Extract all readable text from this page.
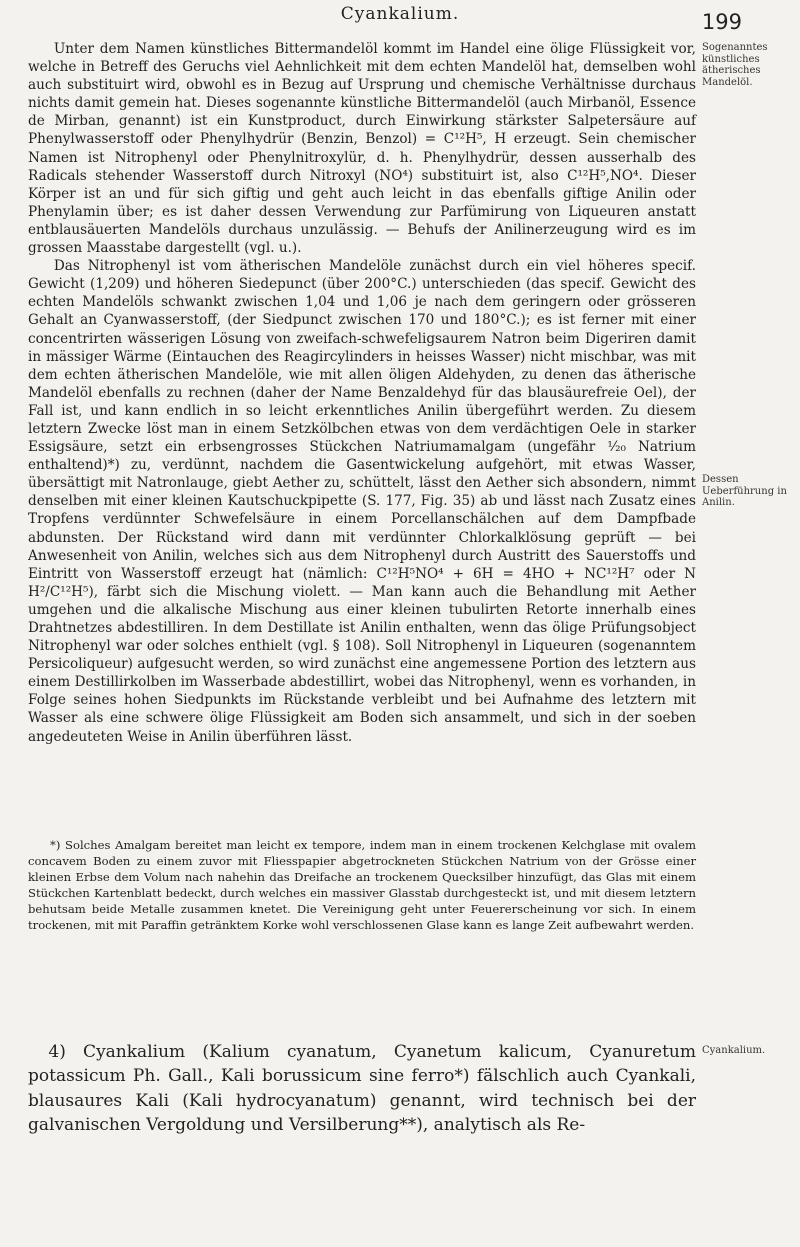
Cyankalium.	199
Sogenanntes künstliches ätherisches Mandelöl.
Dessen Ueberführung in Anilin.
Cyankalium.

Unter dem Namen künstliches Bittermandelöl kommt im Handel eine ölige Flüssigkeit vor, welche in Betreff des Geruchs viel Aehnlichkeit mit dem echten Mandelöl hat, demselben wohl auch substituirt wird, obwohl es in Bezug auf Ursprung und chemische Verhältnisse durchaus nichts damit gemein hat. Dieses sogenannte künstliche Bittermandelöl (auch Mirbanöl, Essence de Mirban, genannt) ist ein Kunstproduct, durch Einwirkung stärkster Salpetersäure auf Phenylwasserstoff oder Phenylhydrür (Benzin, Benzol) = C¹²H⁵, H erzeugt. Sein chemischer Namen ist Nitrophenyl oder Phenylnitroxylür, d. h. Phenylhydrür, dessen ausserhalb des Radicals stehender Wasserstoff durch Nitroxyl (NO⁴) substituirt ist, also C¹²H⁵,NO⁴. Dieser Körper ist an und für sich giftig und geht auch leicht in das ebenfalls giftige Anilin oder Phenylamin über; es ist daher dessen Verwendung zur Parfümirung von Liqueuren anstatt entblausäuerten Mandelöls durchaus unzulässig. — Behufs der Anilinerzeugung wird es im grossen Maasstabe dargestellt (vgl. u.).

Das Nitrophenyl ist vom ätherischen Mandelöle zunächst durch ein viel höheres specif. Gewicht (1,209) und höheren Siedepunct (über 200°C.) unterschieden (das specif. Gewicht des echten Mandelöls schwankt zwischen 1,04 und 1,06 je nach dem geringern oder grösseren Gehalt an Cyanwasserstoff, (der Siedpunct zwischen 170 und 180°C.); es ist ferner mit einer concentrirten wässerigen Lösung von zweifach-schwefeligsaurem Natron beim Digeriren damit in mässiger Wärme (Eintauchen des Reagircylinders in heisses Wasser) nicht mischbar, was mit dem echten ätherischen Mandelöle, wie mit allen öligen Aldehyden, zu denen das ätherische Mandelöl ebenfalls zu rechnen (daher der Name Benzaldehyd für das blausäurefreie Oel), der Fall ist, und kann endlich in so leicht erkenntliches Anilin übergeführt werden. Zu diesem letztern Zwecke löst man in einem Setzkölbchen etwas von dem verdächtigen Oele in starker Essigsäure, setzt ein erbsengrosses Stückchen Natriumamalgam (ungefähr ¹⁄₂₀ Natrium enthaltend)*) zu, verdünnt, nachdem die Gasentwickelung aufgehört, mit etwas Wasser, übersättigt mit Natronlauge, giebt Aether zu, schüttelt, lässt den Aether sich absondern, nimmt denselben mit einer kleinen Kautschuckpipette (S. 177, Fig. 35) ab und lässt nach Zusatz eines Tropfens verdünnter Schwefelsäure in einem Porcellanschälchen auf dem Dampfbade abdunsten. Der Rückstand wird dann mit verdünnter Chlorkalklösung geprüft — bei Anwesenheit von Anilin, welches sich aus dem Nitrophenyl durch Austritt des Sauerstoffs und Eintritt von Wasserstoff erzeugt hat (nämlich: C¹²H⁵NO⁴ + 6H = 4HO + NC¹²H⁷ oder N H²/C¹²H⁵), färbt sich die Mischung violett. — Man kann auch die Behandlung mit Aether umgehen und die alkalische Mischung aus einer kleinen tubulirten Retorte innerhalb eines Drahtnetzes abdestilliren. In dem Destillate ist Anilin enthalten, wenn das ölige Prüfungsobject Nitrophenyl war oder solches enthielt (vgl. § 108). Soll Nitrophenyl in Liqueuren (sogenanntem Persicoliqueur) aufgesucht werden, so wird zunächst eine angemessene Portion des letztern aus einem Destillirkolben im Wasserbade abdestillirt, wobei das Nitrophenyl, wenn es vorhanden, in Folge seines hohen Siedpunkts im Rückstande verbleibt und bei Aufnahme des letztern mit Wasser als eine schwere ölige Flüssigkeit am Boden sich ansammelt, und sich in der soeben angedeuteten Weise in Anilin überführen lässt.

*) Solches Amalgam bereitet man leicht ex tempore, indem man in einem trockenen Kelchglase mit ovalem concavem Boden zu einem zuvor mit Fliesspapier abgetrockneten Stückchen Natrium von der Grösse einer kleinen Erbse dem Volum nach nahehin das Dreifache an trockenem Quecksilber hinzufügt, das Glas mit einem Stückchen Kartenblatt bedeckt, durch welches ein massiver Glasstab durchgesteckt ist, und mit diesem letztern behutsam beide Metalle zusammen knetet. Die Vereinigung geht unter Feuererscheinung vor sich. In einem trockenen, mit mit Paraffin getränktem Korke wohl verschlossenen Glase kann es lange Zeit aufbewahrt werden.

4) Cyankalium (Kalium cyanatum, Cyanetum kalicum, Cyanuretum potassicum Ph. Gall., Kali borussicum sine ferro*) fälschlich auch Cyankali, blausaures Kali (Kali hydrocyanatum) genannt, wird technisch bei der galvanischen Vergoldung und Versilberung**), analytisch als Re-
